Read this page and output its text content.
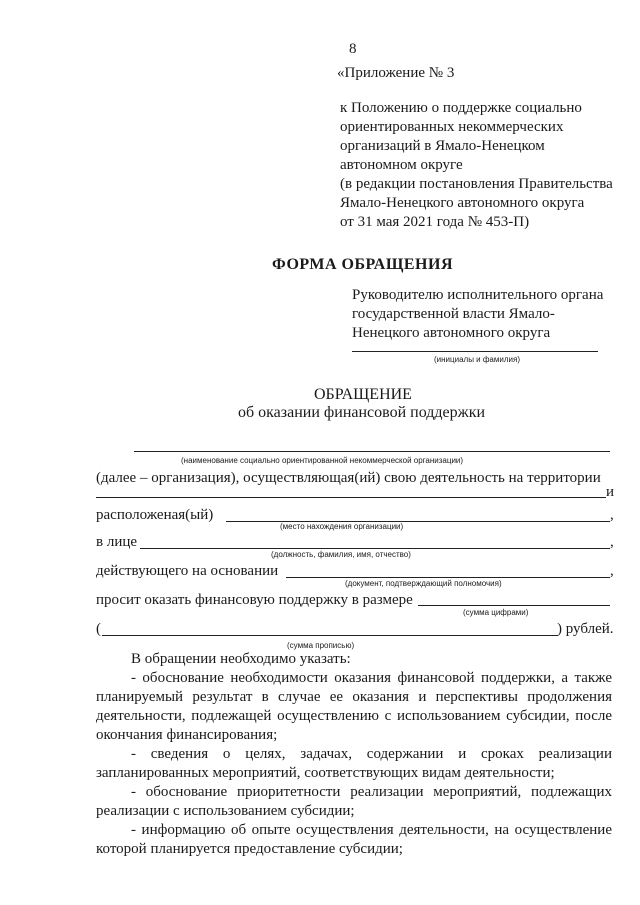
8
«Приложение № 3
к Положению о поддержке социально
ориентированных некоммерческих
организаций в Ямало-Ненецком
автономном округе
(в редакции постановления Правительства
Ямало-Ненецкого автономного округа
от 31 мая 2021 года № 453-П)
ФОРМА ОБРАЩЕНИЯ
Руководителю исполнительного органа
государственной власти Ямало-
Ненецкого автономного округа
(инициалы и фамилия)
ОБРАЩЕНИЕ
об оказании финансовой поддержки
(наименование социально ориентированной некоммерческой организации)
(далее – организация), осуществляющая(ий) свою деятельность на территории
и
расположеная(ый)	,
(место нахождения организации)
в лице	,
(должность, фамилия, имя, отчество)
действующего на основании	,
(документ, подтверждающий полномочия)
просит оказать финансовую поддержку в размере
(сумма цифрами)
(	) рублей.
(сумма прописью)
В обращении необходимо указать:
- обоснование необходимости оказания финансовой поддержки, а также планируемый результат в случае ее оказания и перспективы продолжения деятельности, подлежащей осуществлению с использованием субсидии, после окончания финансирования;
- сведения о целях, задачах, содержании и сроках реализации запланированных мероприятий, соответствующих видам деятельности;
- обоснование приоритетности реализации мероприятий, подлежащих реализации с использованием субсидии;
- информацию об опыте осуществления деятельности, на осуществление которой планируется предоставление субсидии;
